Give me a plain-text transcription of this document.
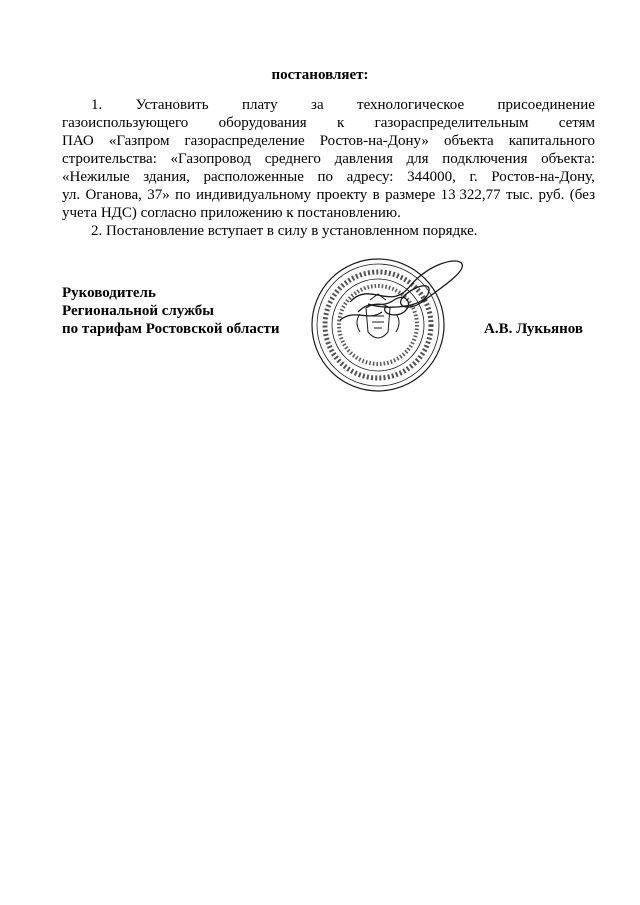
постановляет:
1. Установить плату за технологическое присоединение
газоиспользующего оборудования к газораспределительным сетям
ПАО «Газпром газораспределение Ростов-на-Дону» объекта капитального
строительства: «Газопровод среднего давления для подключения объекта:
«Нежилые здания, расположенные по адресу: 344000, г. Ростов-на-Дону,
ул. Оганова, 37» по индивидуальному проекту в размере 13 322,77 тыс. руб. (без
учета НДС) согласно приложению к постановлению.
2. Постановление вступает в силу в установленном порядке.
Руководитель
Региональной службы
по тарифам Ростовской области	А.В. Лукьянов
